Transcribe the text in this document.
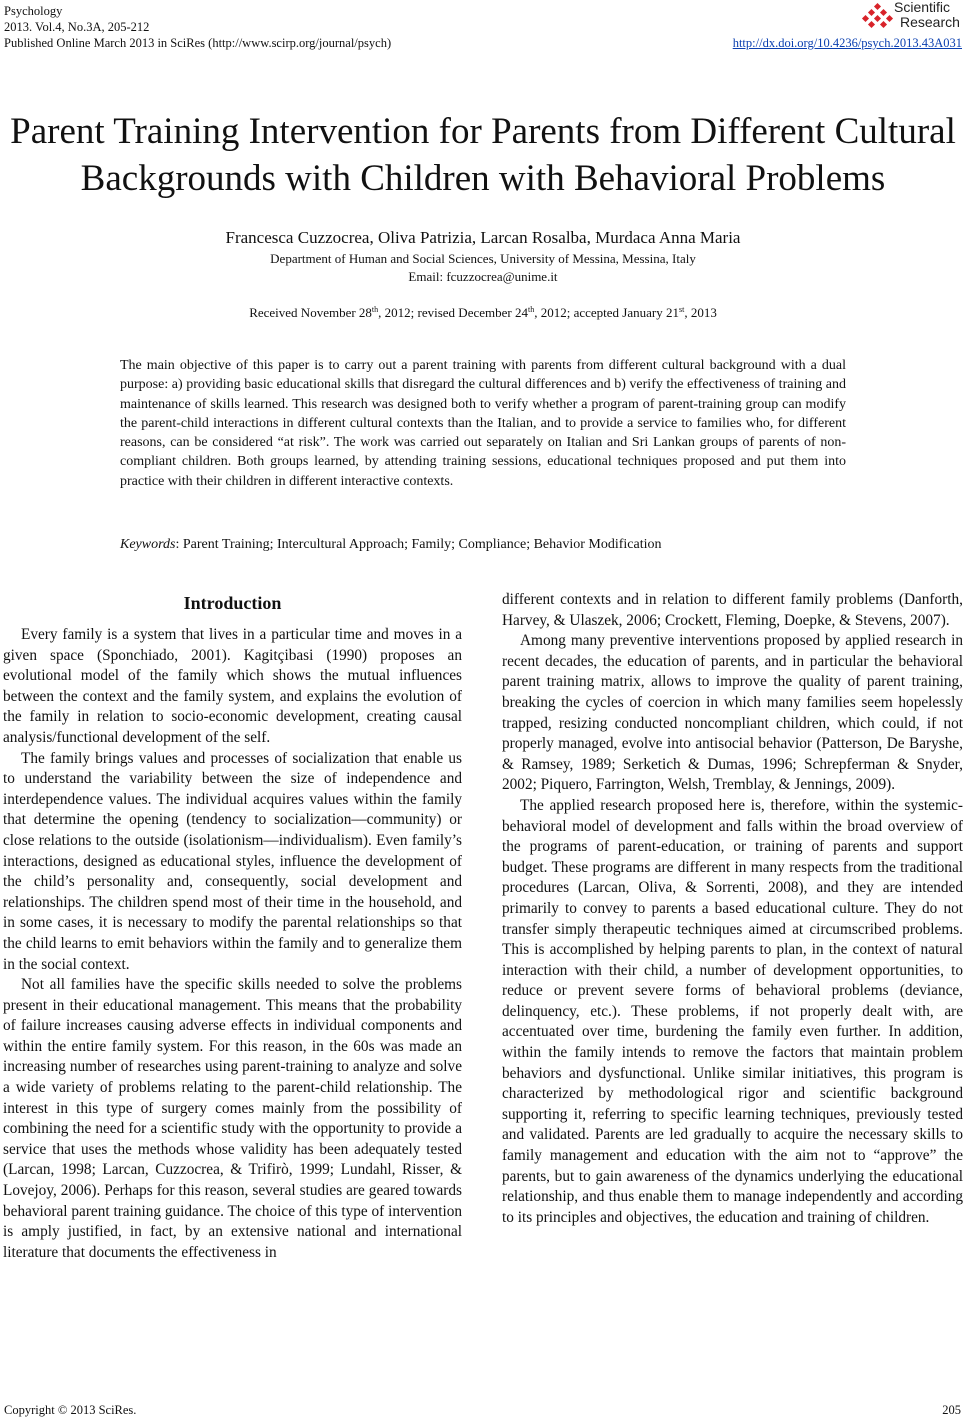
Psychology
2013. Vol.4, No.3A, 205-212
Published Online March 2013 in SciRes (http://www.scirp.org/journal/psych)
Scientific
Research
http://dx.doi.org/10.4236/psych.2013.43A031
Parent Training Intervention for Parents from Different Cultural Backgrounds with Children with Behavioral Problems
Francesca Cuzzocrea, Oliva Patrizia, Larcan Rosalba, Murdaca Anna Maria
Department of Human and Social Sciences, University of Messina, Messina, Italy
Email: fcuzzocrea@unime.it
Received November 28th, 2012; revised December 24th, 2012; accepted January 21st, 2013
The main objective of this paper is to carry out a parent training with parents from different cultural background with a dual purpose: a) providing basic educational skills that disregard the cultural differences and b) verify the effectiveness of training and maintenance of skills learned. This research was designed both to verify whether a program of parent-training group can modify the parent-child interactions in different cultural contexts than the Italian, and to provide a service to families who, for different reasons, can be considered “at risk”. The work was carried out separately on Italian and Sri Lankan groups of parents of non-compliant children. Both groups learned, by attending training sessions, educational techniques proposed and put them into practice with their children in different interactive contexts.
Keywords: Parent Training; Intercultural Approach; Family; Compliance; Behavior Modification
Introduction

Every family is a system that lives in a particular time and moves in a given space (Sponchiado, 2001). Kagitçibasi (1990) proposes an evolutional model of the family which shows the mutual influences between the context and the family system, and explains the evolution of the family in relation to socio-economic development, creating causal analysis/functional development of the self.

The family brings values and processes of socialization that enable us to understand the variability between the size of independence and interdependence values. The individual acquires values within the family that determine the opening (tendency to socialization—community) or close relations to the outside (isolationism—individualism). Even family’s interactions, designed as educational styles, influence the development of the child’s personality and, consequently, social development and relationships. The children spend most of their time in the household, and in some cases, it is necessary to modify the parental relationships so that the child learns to emit behaviors within the family and to generalize them in the social context.

Not all families have the specific skills needed to solve the problems present in their educational management. This means that the probability of failure increases causing adverse effects in individual components and within the entire family system. For this reason, in the 60s was made an increasing number of researches using parent-training to analyze and solve a wide variety of problems relating to the parent-child relationship. The interest in this type of surgery comes mainly from the possibility of combining the need for a scientific study with the opportunity to provide a service that uses the methods whose validity has been adequately tested (Larcan, 1998; Larcan, Cuzzocrea, & Trifirò, 1999; Lundahl, Risser, & Lovejoy, 2006). Perhaps for this reason, several studies are geared towards behavioral parent training guidance. The choice of this type of intervention is amply justified, in fact, by an extensive national and international literature that documents the effectiveness in

different contexts and in relation to different family problems (Danforth, Harvey, & Ulaszek, 2006; Crockett, Fleming, Doepke, & Stevens, 2007).

Among many preventive interventions proposed by applied research in recent decades, the education of parents, and in particular the behavioral parent training matrix, allows to improve the quality of parent training, breaking the cycles of coercion in which many families seem hopelessly trapped, resizing conducted noncompliant children, which could, if not properly managed, evolve into antisocial behavior (Patterson, De Baryshe, & Ramsey, 1989; Serketich & Dumas, 1996; Schrepferman & Snyder, 2002; Piquero, Farrington, Welsh, Tremblay, & Jennings, 2009).

The applied research proposed here is, therefore, within the systemic-behavioral model of development and falls within the broad overview of the programs of parent-education, or training of parents and support budget. These programs are different in many respects from the traditional procedures (Larcan, Oliva, & Sorrenti, 2008), and they are intended primarily to convey to parents a based educational culture. They do not transfer simply therapeutic techniques aimed at circumscribed problems. This is accomplished by helping parents to plan, in the context of natural interaction with their child, a number of development opportunities, to reduce or prevent severe forms of behavioral problems (deviance, delinquency, etc.). These problems, if not properly dealt with, are accentuated over time, burdening the family even further. In addition, within the family intends to remove the factors that maintain problem behaviors and dysfunctional. Unlike similar initiatives, this program is characterized by methodological rigor and scientific background supporting it, referring to specific learning techniques, previously tested and validated. Parents are led gradually to acquire the necessary skills to family management and education with the aim not to “approve” the parents, but to gain awareness of the dynamics underlying the educational relationship, and thus enable them to manage independently and according to its principles and objectives, the education and training of children.

Copyright © 2013 SciRes.	205
